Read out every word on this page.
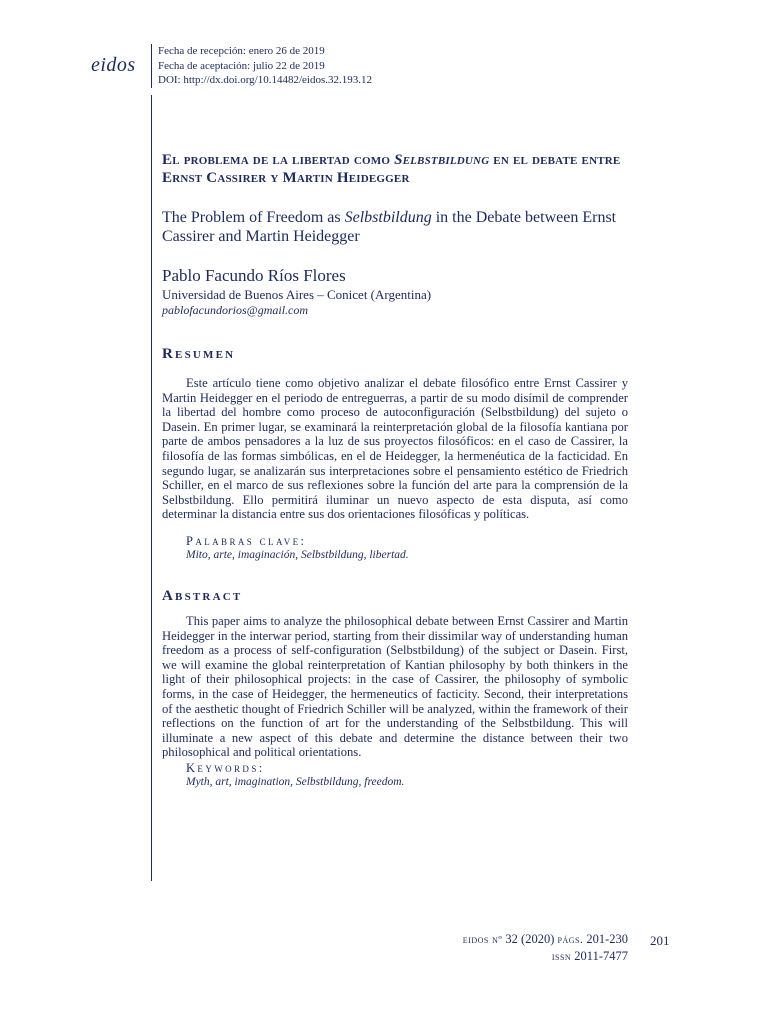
eidos
Fecha de recepción: enero 26 de 2019
Fecha de aceptación: julio 22 de 2019
DOI: http://dx.doi.org/10.14482/eidos.32.193.12
El problema de la libertad como Selbstbildung en el debate entre Ernst Cassirer y Martin Heidegger
The Problem of Freedom as Selbstbildung in the Debate between Ernst Cassirer and Martin Heidegger
Pablo Facundo Ríos Flores
Universidad de Buenos Aires – Conicet (Argentina)
pablofacundorios@gmail.com
Resumen

Este artículo tiene como objetivo analizar el debate filosófico entre Ernst Cassirer y Martin Heidegger en el periodo de entreguerras, a partir de su modo disímil de comprender la libertad del hombre como proceso de autoconfiguración (Selbstbildung) del sujeto o Dasein. En primer lugar, se examinará la reinterpretación global de la filosofía kantiana por parte de ambos pensadores a la luz de sus proyectos filosóficos: en el caso de Cassirer, la filosofía de las formas simbólicas, en el de Heidegger, la hermenéutica de la facticidad. En segundo lugar, se analizarán sus interpretaciones sobre el pensamiento estético de Friedrich Schiller, en el marco de sus reflexiones sobre la función del arte para la comprensión de la Selbstbildung. Ello permitirá iluminar un nuevo aspecto de esta disputa, así como determinar la distancia entre sus dos orientaciones filosóficas y políticas.

Palabras clave:
Mito, arte, imaginación, Selbstbildung, libertad.
Abstract

This paper aims to analyze the philosophical debate between Ernst Cassirer and Martin Heidegger in the interwar period, starting from their dissimilar way of understanding human freedom as a process of self-configuration (Selbstbildung) of the subject or Dasein. First, we will examine the global reinterpretation of Kantian philosophy by both thinkers in the light of their philosophical projects: in the case of Cassirer, the philosophy of symbolic forms, in the case of Heidegger, the hermeneutics of facticity. Second, their interpretations of the aesthetic thought of Friedrich Schiller will be analyzed, within the framework of their reflections on the function of art for the understanding of the Selbstbildung. This will illuminate a new aspect of this debate and determine the distance between their two philosophical and political orientations.

Keywords:
Myth, art, imagination, Selbstbildung, freedom.
eidos nº 32 (2020) págs. 201-230
issn 2011-7477
201
